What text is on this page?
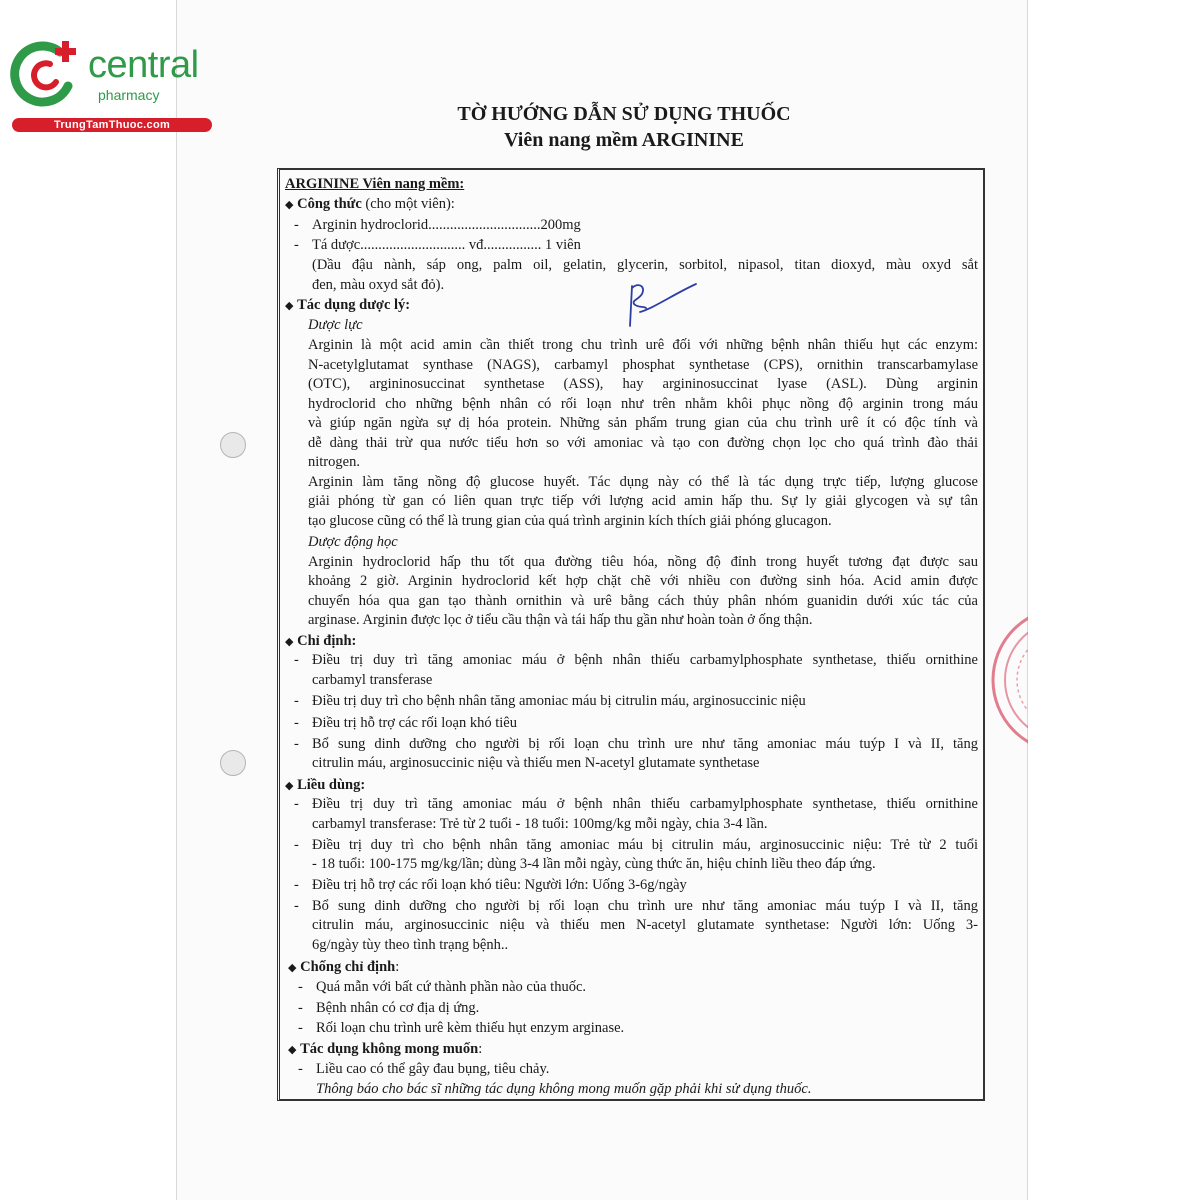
central
pharmacy
TrungTamThuoc.com	TỜ HƯỚNG DẪN SỬ DỤNG THUỐC
Viên nang mềm ARGININE
ARGININE Viên nang mềm:
◆ Công thức (cho một viên):
- Arginin hydroclorid...............................200mg
- Tá dược............................. vđ................ 1 viên
(Dầu đậu nành, sáp ong, palm oil, gelatin, glycerin, sorbitol, nipasol, titan dioxyd, màu oxyd sắt
đen, màu oxyd sắt đỏ).
◆ Tác dụng dược lý:
Dược lực
Arginin là một acid amin cần thiết trong chu trình urê đối với những bệnh nhân thiếu hụt các enzym:
N-acetylglutamat synthase (NAGS), carbamyl phosphat synthetase (CPS), ornithin transcarbamylase
(OTC), argininosuccinat synthetase (ASS), hay argininosuccinat lyase (ASL). Dùng arginin
hydroclorid cho những bệnh nhân có rối loạn như trên nhằm khôi phục nồng độ arginin trong máu
và giúp ngăn ngừa sự dị hóa protein. Những sản phẩm trung gian của chu trình urê ít có độc tính và
dễ dàng thải trừ qua nước tiểu hơn so với amoniac và tạo con đường chọn lọc cho quá trình đào thải
nitrogen.
Arginin làm tăng nồng độ glucose huyết. Tác dụng này có thể là tác dụng trực tiếp, lượng glucose
giải phóng từ gan có liên quan trực tiếp với lượng acid amin hấp thu. Sự ly giải glycogen và sự tân
tạo glucose cũng có thể là trung gian của quá trình arginin kích thích giải phóng glucagon.
Dược động học
Arginin hydroclorid hấp thu tốt qua đường tiêu hóa, nồng độ đỉnh trong huyết tương đạt được sau
khoảng 2 giờ. Arginin hydroclorid kết hợp chặt chẽ với nhiều con đường sinh hóa. Acid amin được
chuyển hóa qua gan tạo thành ornithin và urê bằng cách thủy phân nhóm guanidin dưới xúc tác của
arginase. Arginin được lọc ở tiểu cầu thận và tái hấp thu gần như hoàn toàn ở ống thận.
◆ Chỉ định:
- Điều trị duy trì tăng amoniac máu ở bệnh nhân thiếu carbamylphosphate synthetase, thiếu ornithine
carbamyl transferase
- Điều trị duy trì cho bệnh nhân tăng amoniac máu bị citrulin máu, arginosuccinic niệu
- Điều trị hỗ trợ các rối loạn khó tiêu
- Bổ sung dinh dưỡng cho người bị rối loạn chu trình ure như tăng amoniac máu tuýp I và II, tăng
citrulin máu, arginosuccinic niệu và thiếu men N-acetyl glutamate synthetase
◆ Liều dùng:
- Điều trị duy trì tăng amoniac máu ở bệnh nhân thiếu carbamylphosphate synthetase, thiếu ornithine
carbamyl transferase: Trẻ từ 2 tuổi - 18 tuổi: 100mg/kg mỗi ngày, chia 3-4 lần.
- Điều trị duy trì cho bệnh nhân tăng amoniac máu bị citrulin máu, arginosuccinic niệu: Trẻ từ 2 tuổi
- 18 tuổi: 100-175 mg/kg/lần; dùng 3-4 lần mỗi ngày, cùng thức ăn, hiệu chỉnh liều theo đáp ứng.
- Điều trị hỗ trợ các rối loạn khó tiêu: Người lớn: Uống 3-6g/ngày
- Bổ sung dinh dưỡng cho người bị rối loạn chu trình ure như tăng amoniac máu tuýp I và II, tăng
citrulin máu, arginosuccinic niệu và thiếu men N-acetyl glutamate synthetase: Người lớn: Uống 3-
6g/ngày tùy theo tình trạng bệnh..
◆ Chống chỉ định:
- Quá mẫn với bất cứ thành phần nào của thuốc.
- Bệnh nhân có cơ địa dị ứng.
- Rối loạn chu trình urê kèm thiếu hụt enzym arginase.
◆ Tác dụng không mong muốn:
- Liều cao có thể gây đau bụng, tiêu chảy.
Thông báo cho bác sĩ những tác dụng không mong muốn gặp phải khi sử dụng thuốc.
